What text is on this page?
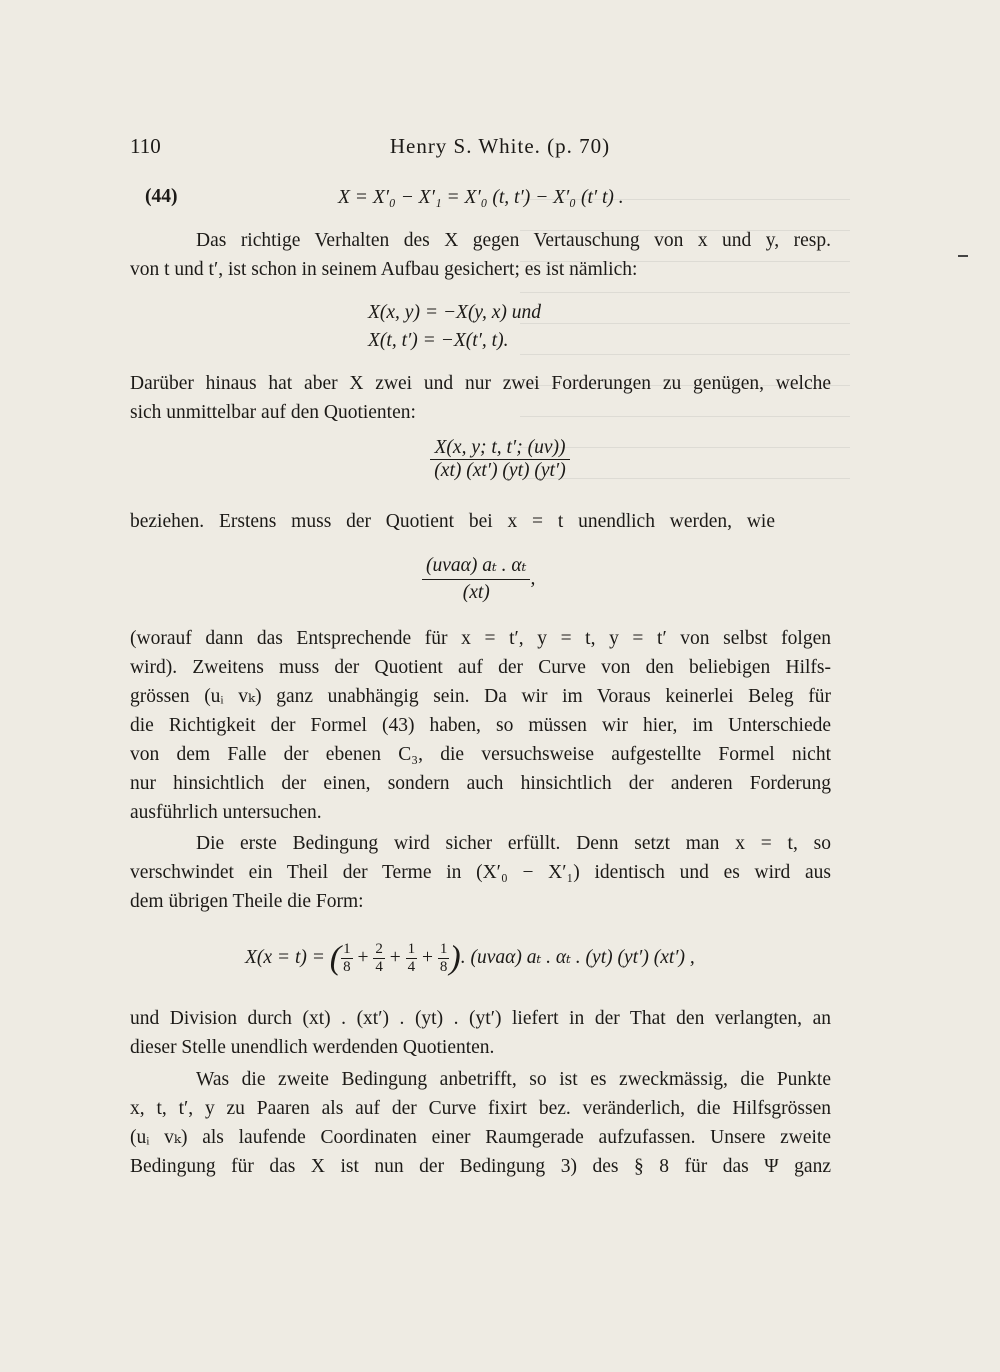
110	Henry S. White. (p. 70)
(44)	X = X′₀ − X′₁ = X′₀ (t, t′) − X′₀ (t′ t) .
Das richtige Verhalten des X gegen Vertauschung von x und y, resp.
von t und t′, ist schon in seinem Aufbau gesichert; es ist nämlich:
X(x, y) = −X(y, x) und
X(t, t′) = −X(t′, t).
Darüber hinaus hat aber X zwei und nur zwei Forderungen zu genügen, welche
sich unmittelbar auf den Quotienten:
$\frac{X(x, y; t, t'; (uv))}{(xt) (xt') (yt) (yt')}$
beziehen. Erstens muss der Quotient bei x = t unendlich werden, wie
$\frac{\text{(uvaα) aₜ . αₜ}}{(xt)}$ ,
(worauf dann das Entsprechende für x = t′, y = t, y = t′ von selbst folgen
wird). Zweitens muss der Quotient auf der Curve von den beliebigen Hilfs-
grössen (uᵢ vₖ) ganz unabhängig sein. Da wir im Voraus keinerlei Beleg für
die Richtigkeit der Formel (43) haben, so müssen wir hier, im Unterschiede
von dem Falle der ebenen C₃, die versuchsweise aufgestellte Formel nicht
nur hinsichtlich der einen, sondern auch hinsichtlich der anderen Forderung
ausführlich untersuchen.
Die erste Bedingung wird sicher erfüllt. Denn setzt man x = t, so
verschwindet ein Theil der Terme in (X′₀ − X′₁) identisch und es wird aus
dem übrigen Theile die Form:
X(x = t) = ( $\frac{1}{8} + \frac{2}{4} + \frac{1}{4} + \frac{1}{8}$ ). (uvaα) aₜ . αₜ . (yt) (yt′) (xt′) ,
und Division durch (xt) . (xt′) . (yt) . (yt′) liefert in der That den verlangten, an
dieser Stelle unendlich werdenden Quotienten.
Was die zweite Bedingung anbetrifft, so ist es zweckmässig, die Punkte
x, t, t′, y zu Paaren als auf der Curve fixirt bez. veränderlich, die Hilfsgrössen
(uᵢ vₖ) als laufende Coordinaten einer Raumgerade aufzufassen. Unsere zweite
Bedingung für das X ist nun der Bedingung 3) des § 8 für das Ψ ganz
